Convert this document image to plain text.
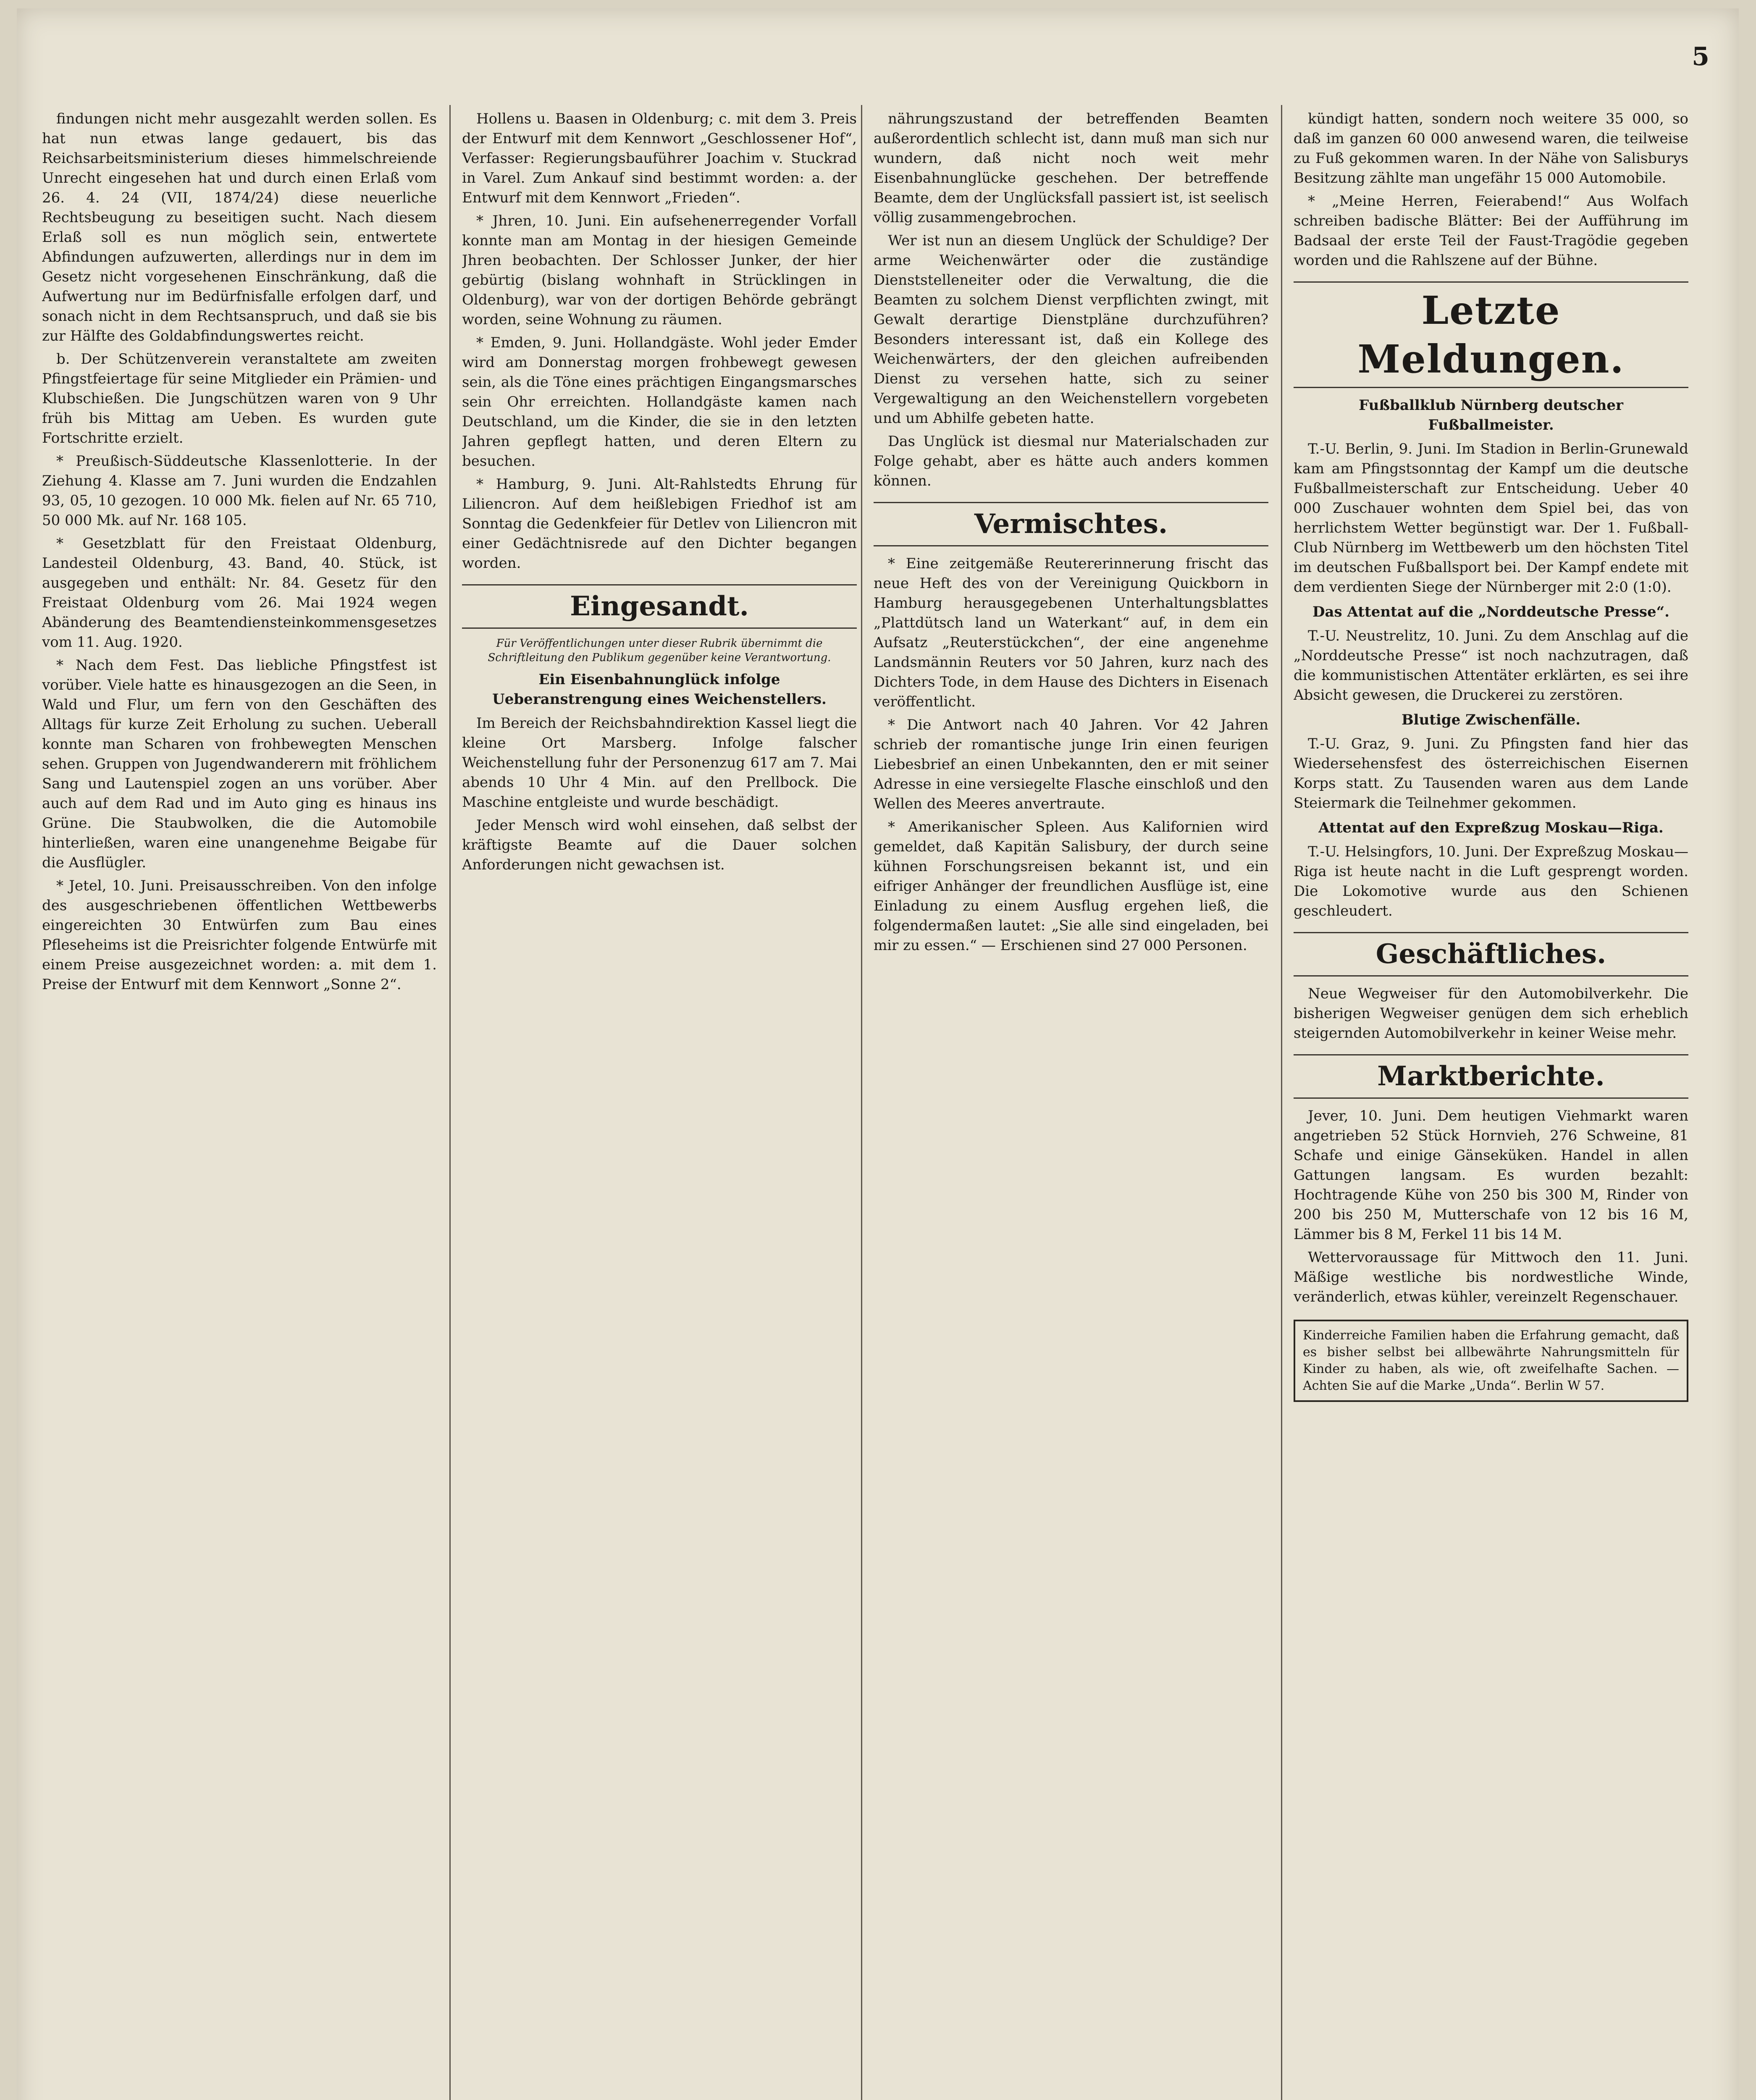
findungen nicht mehr ausgezahlt werden sollen. Es hat nun etwas lange gedauert, bis das Reichsarbeitsministerium dieses himmelschreiende Unrecht eingesehen hat und durch einen Erlaß vom 26. 4. 24 (VII, 1874/24) diese neuerliche Rechtsbeugung zu beseitigen sucht. Nach diesem Erlaß soll es nun möglich sein, entwertete Abfindungen aufzuwerten, allerdings nur in dem im Gesetz nicht vorgesehenen Einschränkung, daß die Aufwertung nur im Bedürfnisfalle erfolgen darf, und sonach nicht in dem Rechtsanspruch, und daß sie bis zur Hälfte des Goldabfindungswertes reicht.

b. Der Schützenverein veranstaltete am zweiten Pfingstfeiertage für seine Mitglieder ein Prämien- und Klubschießen. Die Jungschützen waren von 9 Uhr früh bis Mittag am Ueben. Es wurden gute Fortschritte erzielt.

* Preußisch-Süddeutsche Klassenlotterie. In der Ziehung 4. Klasse am 7. Juni wurden die Endzahlen 93, 05, 10 gezogen. 10 000 Mk. fielen auf Nr. 65 710, 50 000 Mk. auf Nr. 168 105.

* Gesetzblatt für den Freistaat Oldenburg, Landesteil Oldenburg, 43. Band, 40. Stück, ist ausgegeben und enthält: Nr. 84. Gesetz für den Freistaat Oldenburg vom 26. Mai 1924 wegen Abänderung des Beamtendiensteinkommensgesetzes vom 11. Aug. 1920.

* Nach dem Fest. Das liebliche Pfingstfest ist vorüber. Viele hatte es hinausgezogen an die Seen, in Wald und Flur, um fern von den Geschäften des Alltags für kurze Zeit Erholung zu suchen. Ueberall konnte man Scharen von frohbewegten Menschen sehen. Gruppen von Jugendwanderern mit fröhlichem Sang und Lautenspiel zogen an uns vorüber. Aber auch auf dem Rad und im Auto ging es hinaus ins Grüne. Die Staubwolken, die die Automobile hinterließen, waren eine unangenehme Beigabe für die Ausflügler.

* Jetel, 10. Juni. Preisausschreiben. Von den infolge des ausgeschriebenen öffentlichen Wettbewerbs eingereichten 30 Entwürfen zum Bau eines Pfleseheims ist die Preisrichter folgende Entwürfe mit einem Preise ausgezeichnet worden: a. mit dem 1. Preise der Entwurf mit dem Kennwort „Sonne 2“.

Hollens u. Baasen in Oldenburg; c. mit dem 3. Preis der Entwurf mit dem Kennwort „Geschlossener Hof“, Verfasser: Regierungsbauführer Joachim v. Stuckrad in Varel. Zum Ankauf sind bestimmt worden: a. der Entwurf mit dem Kennwort „Frieden“.

* Jhren, 10. Juni. Ein aufsehenerregender Vorfall konnte man am Montag in der hiesigen Gemeinde Jhren beobachten. Der Schlosser Junker, der hier gebürtig (bislang wohnhaft in Strücklingen in Oldenburg), war von der dortigen Behörde gebrängt worden, seine Wohnung zu räumen.

* Emden, 9. Juni. Hollandgäste. Wohl jeder Emder wird am Donnerstag morgen frohbewegt gewesen sein, als die Töne eines prächtigen Eingangsmarsches sein Ohr erreichten. Hollandgäste kamen nach Deutschland, um die Kinder, die sie in den letzten Jahren gepflegt hatten, und deren Eltern zu besuchen.

* Hamburg, 9. Juni. Alt-Rahlstedts Ehrung für Liliencron. Auf dem heißlebigen Friedhof ist am Sonntag die Gedenkfeier für Detlev von Liliencron mit einer Gedächtnisrede auf den Dichter begangen worden.

Eingesandt.
Für Veröffentlichungen unter dieser Rubrik übernimmt die Schriftleitung den Publikum gegenüber keine Verantwortung.
Ein Eisenbahnunglück infolge Ueberanstrengung eines Weichenstellers.

Im Bereich der Reichsbahndirektion Kassel liegt die kleine Ort Marsberg. Infolge falscher Weichenstellung fuhr der Personenzug 617 am 7. Mai abends 10 Uhr 4 Min. auf den Prellbock. Die Maschine entgleiste und wurde beschädigt.

Jeder Mensch wird wohl einsehen, daß selbst der kräftigste Beamte auf die Dauer solchen Anforderungen nicht gewachsen ist.

nährungszustand der betreffenden Beamten außerordentlich schlecht ist, dann muß man sich nur wundern, daß nicht noch weit mehr Eisenbahnunglücke geschehen. Der betreffende Beamte, dem der Unglücksfall passiert ist, ist seelisch völlig zusammengebrochen.

Wer ist nun an diesem Unglück der Schuldige? Der arme Weichenwärter oder die zuständige Dienststelleneiter oder die Verwaltung, die die Beamten zu solchem Dienst verpflichten zwingt, mit Gewalt derartige Dienstpläne durchzuführen? Besonders interessant ist, daß ein Kollege des Weichenwärters, der den gleichen aufreibenden Dienst zu versehen hatte, sich zu seiner Vergewaltigung an den Weichenstellern vorgebeten und um Abhilfe gebeten hatte.

Das Unglück ist diesmal nur Materialschaden zur Folge gehabt, aber es hätte auch anders kommen können.

Vermischtes.

* Eine zeitgemäße Reutererinnerung frischt das neue Heft des von der Vereinigung Quickborn in Hamburg herausgegebenen Unterhaltungsblattes „Plattdütsch land un Waterkant“ auf, in dem ein Aufsatz „Reuterstückchen“, der eine angenehme Landsmännin Reuters vor 50 Jahren, kurz nach des Dichters Tode, in dem Hause des Dichters in Eisenach veröffentlicht.

* Die Antwort nach 40 Jahren. Vor 42 Jahren schrieb der romantische junge Irin einen feurigen Liebesbrief an einen Unbekannten, den er mit seiner Adresse in eine versiegelte Flasche einschloß und den Wellen des Meeres anvertraute.

* Amerikanischer Spleen. Aus Kalifornien wird gemeldet, daß Kapitän Salisbury, der durch seine kühnen Forschungsreisen bekannt ist, und ein eifriger Anhänger der freundlichen Ausflüge ist, eine Einladung zu einem Ausflug ergehen ließ, die folgendermaßen lautet: „Sie alle sind eingeladen, bei mir zu essen.“ — Erschienen sind 27 000 Personen.

kündigt hatten, sondern noch weitere 35 000, so daß im ganzen 60 000 anwesend waren, die teilweise zu Fuß gekommen waren. In der Nähe von Salisburys Besitzung zählte man ungefähr 15 000 Automobile.

* „Meine Herren, Feierabend!“ Aus Wolfach schreiben badische Blätter: Bei der Aufführung im Badsaal der erste Teil der Faust-Tragödie gegeben worden und die Rahlszene auf der Bühne.

Letzte Meldungen.
Fußballklub Nürnberg deutscher Fußballmeister.

T.-U. Berlin, 9. Juni. Im Stadion in Berlin-Grunewald kam am Pfingstsonntag der Kampf um die deutsche Fußballmeisterschaft zur Entscheidung. Ueber 40 000 Zuschauer wohnten dem Spiel bei, das von herrlichstem Wetter begünstigt war. Der 1. Fußball-Club Nürnberg im Wettbewerb um den höchsten Titel im deutschen Fußballsport bei. Der Kampf endete mit dem verdienten Siege der Nürnberger mit 2:0 (1:0).

Das Attentat auf die „Norddeutsche Presse“.

T.-U. Neustrelitz, 10. Juni. Zu dem Anschlag auf die „Norddeutsche Presse“ ist noch nachzutragen, daß die kommunistischen Attentäter erklärten, es sei ihre Absicht gewesen, die Druckerei zu zerstören.

Blutige Zwischenfälle.

T.-U. Graz, 9. Juni. Zu Pfingsten fand hier das Wiedersehensfest des österreichischen Eisernen Korps statt. Zu Tausenden waren aus dem Lande Steiermark die Teilnehmer gekommen.

Attentat auf den Expreßzug Moskau—Riga.

T.-U. Helsingfors, 10. Juni. Der Expreßzug Moskau—Riga ist heute nacht in die Luft gesprengt worden. Die Lokomotive wurde aus den Schienen geschleudert.

Geschäftliches.

Neue Wegweiser für den Automobilverkehr. Die bisherigen Wegweiser genügen dem sich erheblich steigernden Automobilverkehr in keiner Weise mehr.

Marktberichte.

Jever, 10. Juni. Dem heutigen Viehmarkt waren angetrieben 52 Stück Hornvieh, 276 Schweine, 81 Schafe und einige Gänseküken. Handel in allen Gattungen langsam. Es wurden bezahlt: Hochtragende Kühe von 250 bis 300 M, Rinder von 200 bis 250 M, Mutterschafe von 12 bis 16 M, Lämmer bis 8 M, Ferkel 11 bis 14 M.

Wettervoraussage für Mittwoch den 11. Juni. Mäßige westliche bis nordwestliche Winde, veränderlich, etwas kühler, vereinzelt Regenschauer.

Kinderreiche Familien haben die Erfahrung gemacht, daß es bisher selbst bei allbewährte Nahrungsmitteln für Kinder zu haben, als wie, oft zweifelhafte Sachen. — Achten Sie auf die Marke „Unda“. Berlin W 57.
5
